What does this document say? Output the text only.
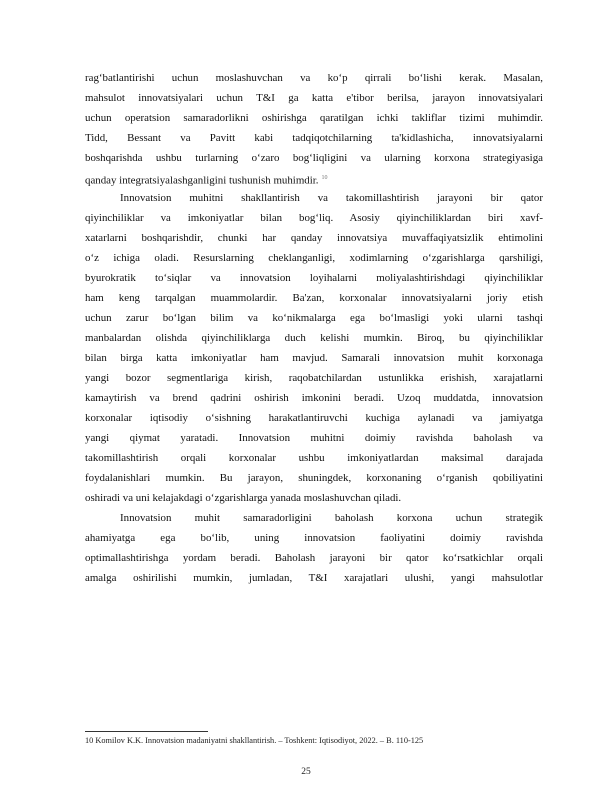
rag‘batlantirishi uchun moslashuvchan va ko‘p qirrali bo‘lishi kerak. Masalan,
mahsulot innovatsiyalari uchun T&I ga katta e'tibor berilsa, jarayon innovatsiyalari
uchun operatsion samaradorlikni oshirishga qaratilgan ichki takliflar tizimi muhimdir.
Tidd, Bessant va Pavitt kabi tadqiqotchilarning ta'kidlashicha, innovatsiyalarni
boshqarishda ushbu turlarning o‘zaro bog‘liqligini va ularning korxona strategiyasiga
qanday integratsiyalashganligini tushunish muhimdir. $^{10}$
Innovatsion muhitni shakllantirish va takomillashtirish jarayoni bir qator
qiyinchiliklar va imkoniyatlar bilan bog‘liq. Asosiy qiyinchiliklardan biri xavf-
xatarlarni boshqarishdir, chunki har qanday innovatsiya muvaffaqiyatsizlik ehtimolini
o‘z ichiga oladi. Resurslarning cheklanganligi, xodimlarning o‘zgarishlarga qarshiligi,
byurokratik to‘siqlar va innovatsion loyihalarni moliyalashtirishdagi qiyinchiliklar
ham keng tarqalgan muammolardir. Ba'zan, korxonalar innovatsiyalarni joriy etish
uchun zarur bo‘lgan bilim va ko‘nikmalarga ega bo‘lmasligi yoki ularni tashqi
manbalardan olishda qiyinchiliklarga duch kelishi mumkin. Biroq, bu qiyinchiliklar
bilan birga katta imkoniyatlar ham mavjud. Samarali innovatsion muhit korxonaga
yangi bozor segmentlariga kirish, raqobatchilardan ustunlikka erishish, xarajatlarni
kamaytirish va brend qadrini oshirish imkonini beradi. Uzoq muddatda, innovatsion
korxonalar iqtisodiy o‘sishning harakatlantiruvchi kuchiga aylanadi va jamiyatga
yangi qiymat yaratadi. Innovatsion muhitni doimiy ravishda baholash va
takomillashtirish orqali korxonalar ushbu imkoniyatlardan maksimal darajada
foydalanishlari mumkin. Bu jarayon, shuningdek, korxonaning o‘rganish qobiliyatini
oshiradi va uni kelajakdagi o‘zgarishlarga yanada moslashuvchan qiladi.
Innovatsion muhit samaradorligini baholash korxona uchun strategik
ahamiyatga ega bo‘lib, uning innovatsion faoliyatini doimiy ravishda
optimallashtirishga yordam beradi. Baholash jarayoni bir qator ko‘rsatkichlar orqali
amalga oshirilishi mumkin, jumladan, T&I xarajatlari ulushi, yangi mahsulotlar
10 Komilov K.K. Innovatsion madaniyatni shakllantirish. – Toshkent: Iqtisodiyot, 2022. – B. 110-125
25
